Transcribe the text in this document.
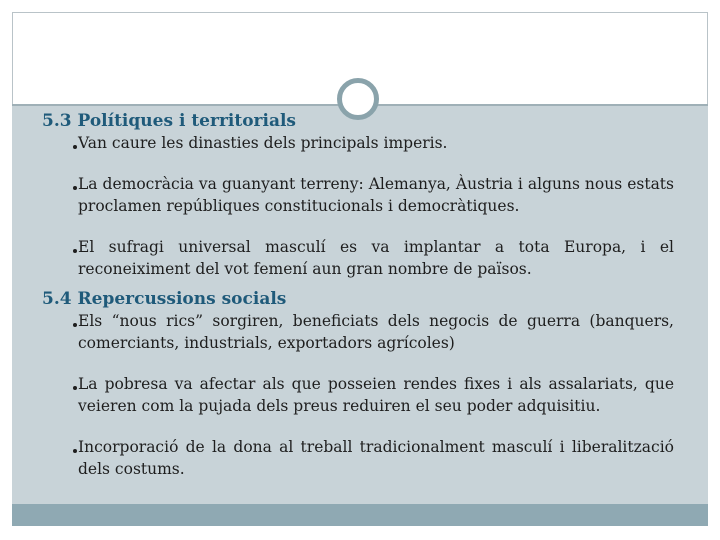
5.3 Polítiques i territorials

Van caure les dinasties dels principals imperis.
La democràcia va guanyant terreny: Alemanya, Àustria i alguns nous estats proclamen repúbliques constitucionals i democràtiques.
El sufragi universal masculí es va implantar a tota Europa, i el reconeiximent del vot femení aun gran nombre de països.

5.4 Repercussions socials

Els “nous rics” sorgiren, beneficiats dels negocis de guerra (banquers, comerciants, industrials, exportadors agrícoles)
La pobresa va afectar als que posseien rendes fixes i als assalariats, que veieren com la pujada dels preus reduiren el seu poder adquisitiu.
Incorporació de la dona al treball tradicionalment masculí i liberalització dels costums.
